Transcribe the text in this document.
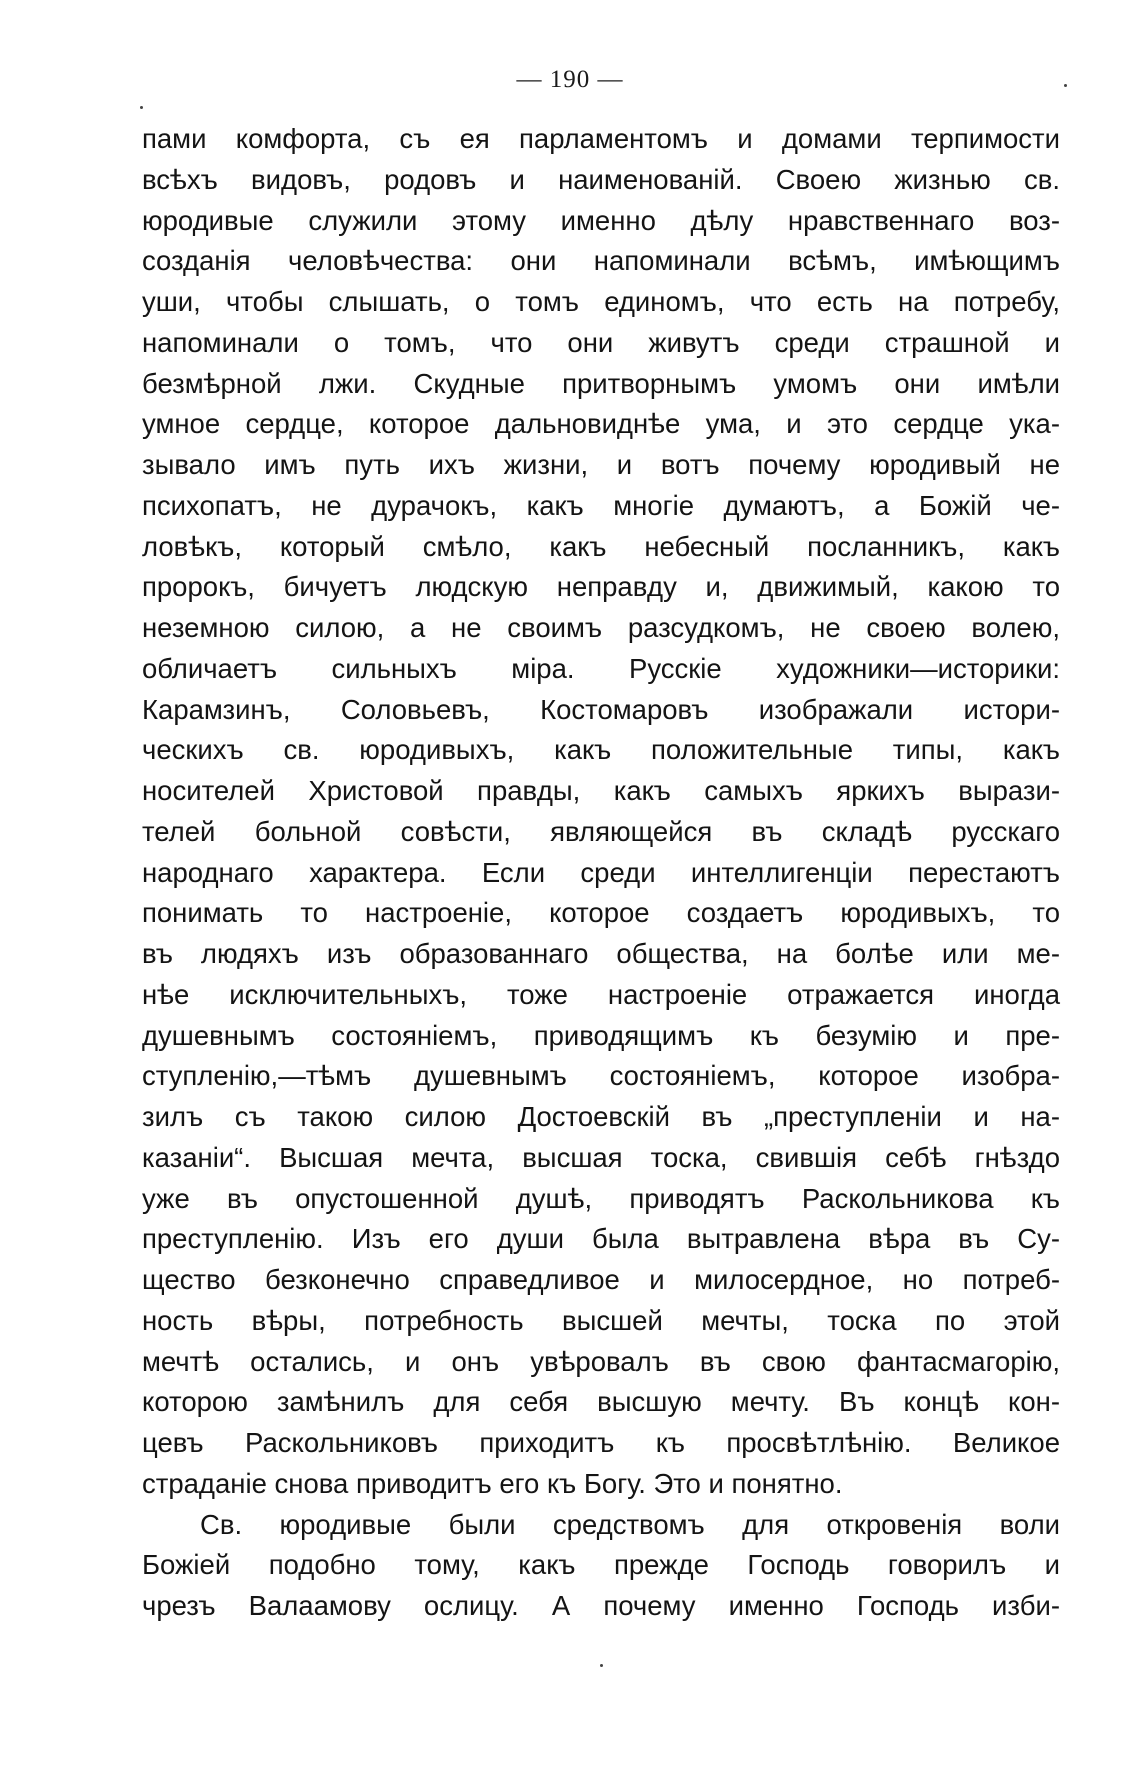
— 190 —
пами комфорта, съ ея парламентомъ и домами терпимости
всѣхъ видовъ, родовъ и наименованій. Своею жизнью св.
юродивые служили этому именно дѣлу нравственнаго воз-
созданія человѣчества: они напоминали всѣмъ, имѣющимъ
уши, чтобы слышать, о томъ единомъ, что есть на потребу,
напоминали о томъ, что они живутъ среди страшной и
безмѣрной лжи. Скудные притворнымъ умомъ они имѣли
умное сердце, которое дальновиднѣе ума, и это сердце ука-
зывало имъ путь ихъ жизни, и вотъ почему юродивый не
психопатъ, не дурачокъ, какъ многіе думаютъ, а Божій че-
ловѣкъ, который смѣло, какъ небесный посланникъ, какъ
пророкъ, бичуетъ людскую неправду и, движимый, какою то
неземною силою, а не своимъ разсудкомъ, не своею волею,
обличаетъ сильныхъ міра. Русскіе художники—историки:
Карамзинъ, Соловьевъ, Костомаровъ изображали истори-
ческихъ св. юродивыхъ, какъ положительные типы, какъ
носителей Христовой правды, какъ самыхъ яркихъ вырази-
телей больной совѣсти, являющейся въ складѣ русскаго
народнаго характера. Если среди интеллигенціи перестаютъ
понимать то настроеніе, которое создаетъ юродивыхъ, то
въ людяхъ изъ образованнаго общества, на болѣе или ме-
нѣе исключительныхъ, тоже настроеніе отражается иногда
душевнымъ состояніемъ, приводящимъ къ безумію и пре-
ступленію,—тѣмъ душевнымъ состояніемъ, которое изобра-
зилъ съ такою силою Достоевскій въ „преступленіи и на-
казаніи“. Высшая мечта, высшая тоска, свившія себѣ гнѣздо
уже въ опустошенной душѣ, приводятъ Раскольникова къ
преступленію. Изъ его души была вытравлена вѣра въ Су-
щество безконечно справедливое и милосердное, но потреб-
ность вѣры, потребность высшей мечты, тоска по этой
мечтѣ остались, и онъ увѣровалъ въ свою фантасмагорію,
которою замѣнилъ для себя высшую мечту. Въ концѣ кон-
цевъ Раскольниковъ приходитъ къ просвѣтлѣнію. Великое
страданіе снова приводитъ его къ Богу. Это и понятно.
Св. юродивые были средствомъ для откровенія воли
Божіей подобно тому, какъ прежде Господь говорилъ и
чрезъ Валаамову ослицу. А почему именно Господь изби-
